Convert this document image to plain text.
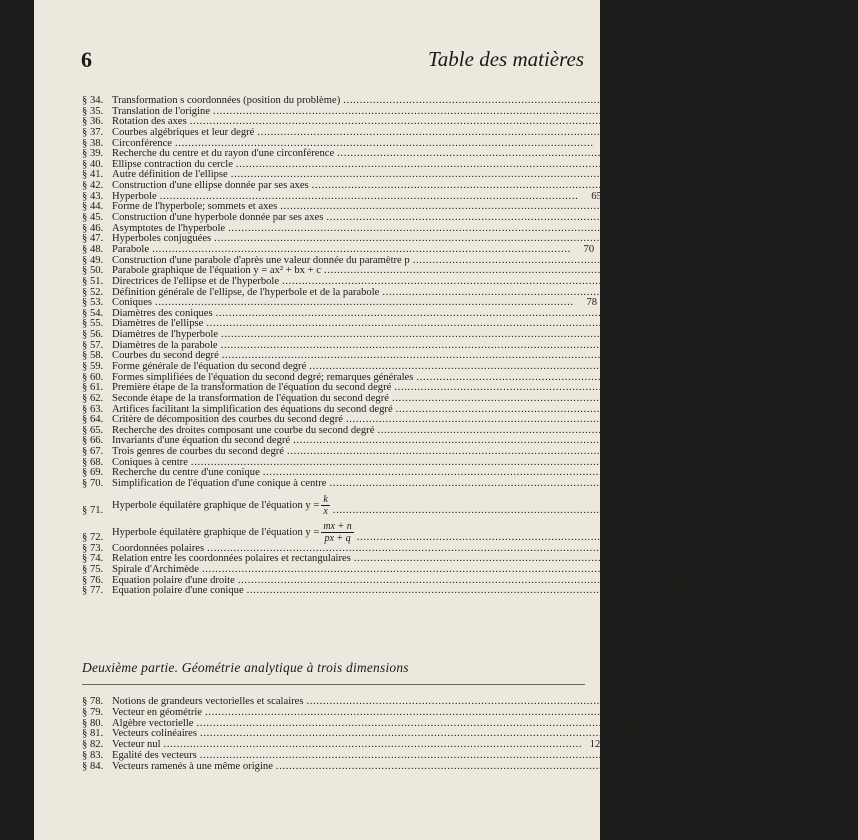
6	Table des matières
§ 34. Transformation s coordonnées (position du problème) . . .	52
§ 35. Translation de l'origine . . .	53
§ 36. Rotation des axes . . .	54
§ 37. Courbes algébriques et leur degré . . .	55
§ 38. Circonférence . . .	57
§ 39. Recherche du centre et du rayon d'une circonférence . . .	58
§ 40. Ellipse contraction du cercle . . .	59
§ 41. Autre définition de l'ellipse . . .	62
§ 42. Construction d'une ellipse donnée par ses axes . . .	64
§ 43. Hyperbole . . .	65
§ 44. Forme de l'hyperbole; sommets et axes . . .	67
§ 45. Construction d'une hyperbole donnée par ses axes . . .	68
§ 46. Asymptotes de l'hyperbole . . .	69
§ 47. Hyperboles conjuguées . . .	70
§ 48. Parabole . . .	70
§ 49. Construction d'une parabole d'après une valeur donnée du paramètre p . . .	71
§ 50. Parabole graphique de l'équation y = ax² + bx + c . . .	72
§ 51. Directrices de l'ellipse et de l'hyperbole . . .	75
§ 52. Définition générale de l'ellipse, de l'hyperbole et de la parabole . . .	76
§ 53. Coniques . . .	78
§ 54. Diamètres des coniques . . .	80
§ 55. Diamètres de l'ellipse . . .	80
§ 56. Diamètres de l'hyperbole . . .	81
§ 57. Diamètres de la parabole . . .	83
§ 58. Courbes du second degré . . .	84
§ 59. Forme générale de l'équation du second degré . . .	85
§ 60. Formes simplifiées de l'équation du second degré; remarques générales . . .	86
§ 61. Première étape de la transformation de l'équation du second degré . . .	87
§ 62. Seconde étape de la transformation de l'équation du second degré . . .	89
§ 63. Artifices facilitant la simplification des équations du second degré . . .	93
§ 64. Critère de décomposition des courbes du second degré . . .	96
§ 65. Recherche des droites composant une courbe du second degré . . .	97
§ 66. Invariants d'une équation du second degré . . .	100
§ 67. Trois genres de courbes du second degré . . .	103
§ 68. Coniques à centre . . .	105
§ 69. Recherche du centre d'une conique . . .	107
§ 70. Simplification de l'équation d'une conique à centre . . .	108
§ 71. Hyperbole équilatère graphique de l'équation $y = \frac{k}{x}$ . . .	110
§ 72. Hyperbole équilatère graphique de l'équation $y = \frac{mx + n}{px + q}$ . . .	111
§ 73. Coordonnées polaires . . .	113
§ 74. Relation entre les coordonnées polaires et rectangulaires . . .	115
§ 75. Spirale d'Archimède . . .	117
§ 76. Equation polaire d'une droite . . .	119
§ 77. Equation polaire d'une conique . . .	120
Deuxième partie. Géométrie analytique à trois dimensions
§ 78. Notions de grandeurs vectorielles et scalaires . . .	121
§ 79. Vecteur en géométrie . . .	121
§ 80. Algèbre vectorielle . . .	122
§ 81. Vecteurs colinéaires . . .	122
§ 82. Vecteur nul . . .	123
§ 83. Egalité des vecteurs . . .	123
§ 84. Vecteurs ramenés à une même origine . . .	124
